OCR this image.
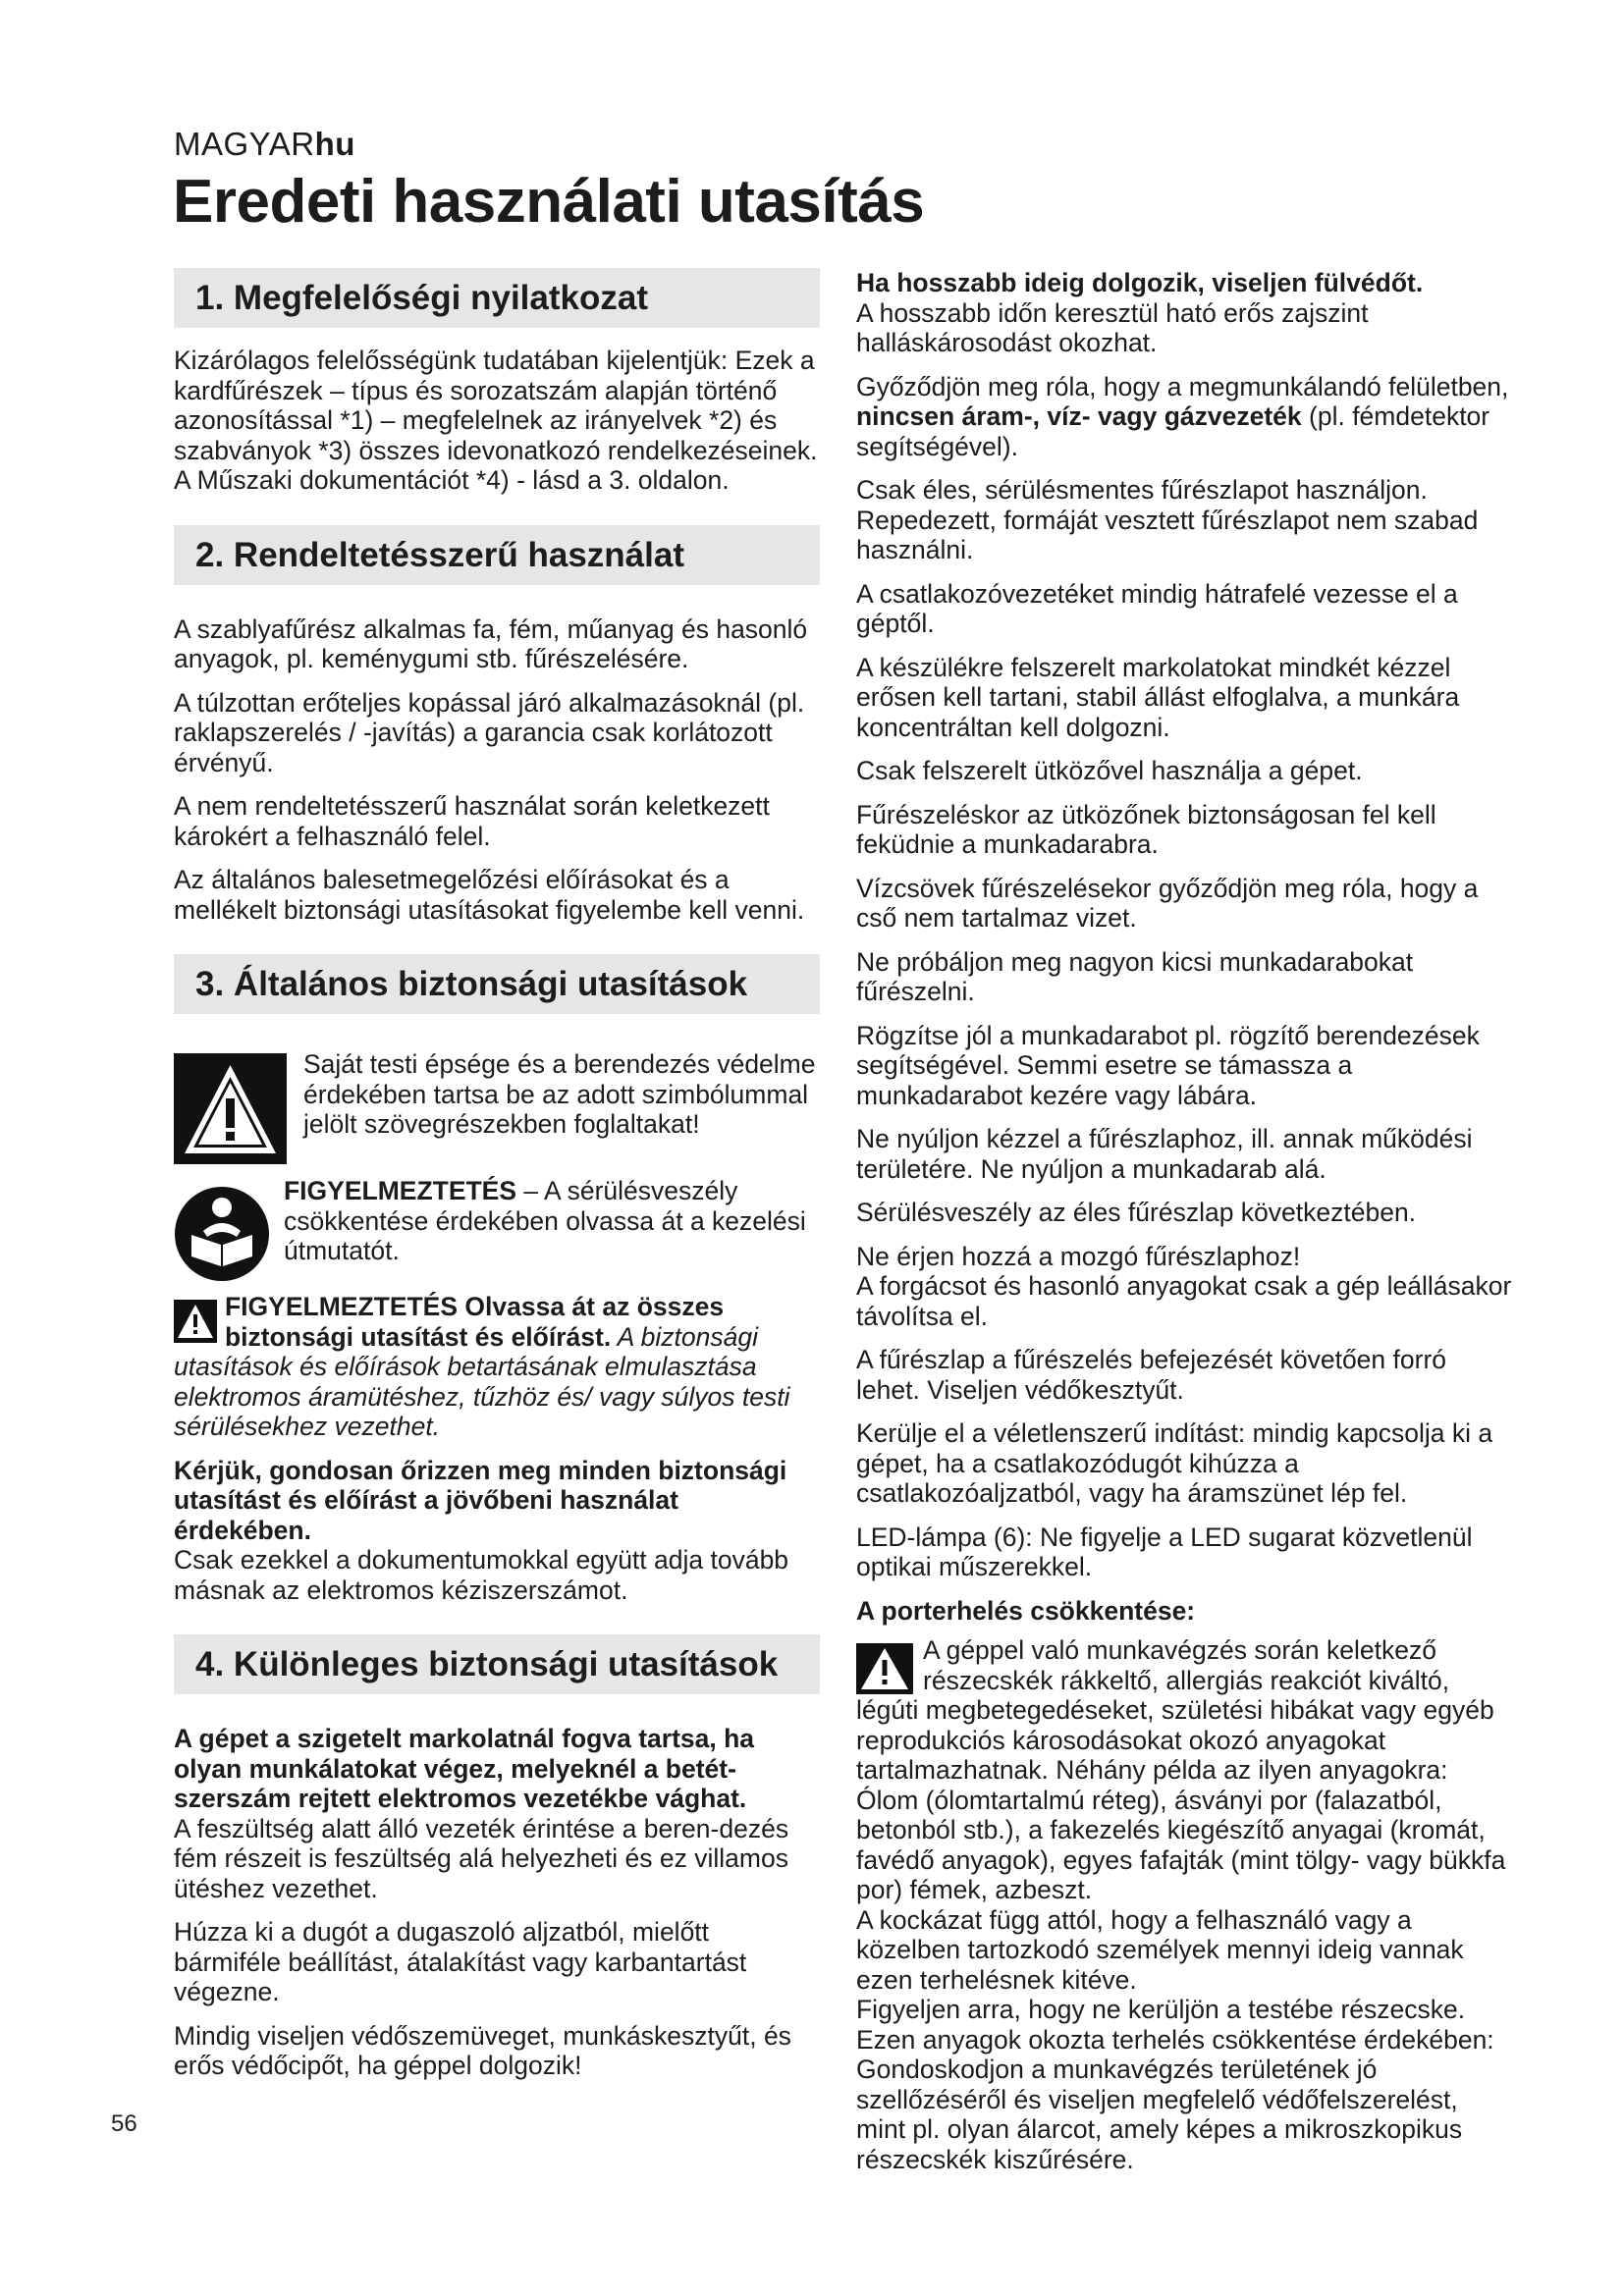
MAGYARhu
Eredeti használati utasítás
1. Megfelelőségi nyilatkozat

Kizárólagos felelősségünk tudatában kijelentjük: Ezek a kardfűrészek – típus és sorozatszám alapján történő azonosítással *1) – megfelelnek az irányelvek *2) és szabványok *3) összes idevonatkozó rendelkezéseinek. A Műszaki dokumentációt *4) - lásd a 3. oldalon.

2. Rendeltetésszerű használat

A szablyafűrész alkalmas fa, fém, műanyag és hasonló anyagok, pl. keménygumi stb. fűrészelésére.

A túlzottan erőteljes kopással járó alkalmazásoknál (pl. raklapszerelés / -javítás) a garancia csak korlátozott érvényű.

A nem rendeltetésszerű használat során keletkezett károkért a felhasználó felel.

Az általános balesetmegelőzési előírásokat és a mellékelt biztonsági utasításokat figyelembe kell venni.

3. Általános biztonsági utasítások
Saját testi épsége és a berendezés védelme érdekében tartsa be az adott szimbólummal jelölt szövegrészekben foglaltakat!
FIGYELMEZTETÉS – A sérülésveszély csökkentése érdekében olvassa át a kezelési útmutatót.

FIGYELMEZTETÉS Olvassa át az összes biztonsági utasítást és előírást. A biztonsági utasítások és előírások betartásának elmulasztása elektromos áramütéshez, tűzhöz és/ vagy súlyos testi sérülésekhez vezethet.

Kérjük, gondosan őrizzen meg minden biztonsági utasítást és előírást a jövőbeni használat érdekében.
Csak ezekkel a dokumentumokkal együtt adja tovább másnak az elektromos kéziszerszámot.

4. Különleges biztonsági utasítások

A gépet a szigetelt markolatnál fogva tartsa, ha olyan munkálatokat végez, melyeknél a betét-szerszám rejtett elektromos vezetékbe vághat.
A feszültség alatt álló vezeték érintése a beren-dezés fém részeit is feszültség alá helyezheti és ez villamos ütéshez vezethet.

Húzza ki a dugót a dugaszoló aljzatból, mielőtt bármiféle beállítást, átalakítást vagy karbantartást végezne.

Mindig viseljen védőszemüveget, munkáskesztyűt, és erős védőcipőt, ha géppel dolgozik!

Ha hosszabb ideig dolgozik, viseljen fülvédőt.
A hosszabb időn keresztül ható erős zajszint halláskárosodást okozhat.

Győződjön meg róla, hogy a megmunkálandó felületben, nincsen áram-, víz- vagy gázvezeték (pl. fémdetektor segítségével).

Csak éles, sérülésmentes fűrészlapot használjon. Repedezett, formáját vesztett fűrészlapot nem szabad használni.

A csatlakozóvezetéket mindig hátrafelé vezesse el a géptől.

A készülékre felszerelt markolatokat mindkét kézzel erősen kell tartani, stabil állást elfoglalva, a munkára koncentráltan kell dolgozni.

Csak felszerelt ütközővel használja a gépet.

Fűrészeléskor az ütközőnek biztonságosan fel kell feküdnie a munkadarabra.

Vízcsövek fűrészelésekor győződjön meg róla, hogy a cső nem tartalmaz vizet.

Ne próbáljon meg nagyon kicsi munkadarabokat fűrészelni.

Rögzítse jól a munkadarabot pl. rögzítő berendezések segítségével. Semmi esetre se támassza a munkadarabot kezére vagy lábára.

Ne nyúljon kézzel a fűrészlaphoz, ill. annak működési területére. Ne nyúljon a munkadarab alá.

Sérülésveszély az éles fűrészlap következtében.

Ne érjen hozzá a mozgó fűrészlaphoz!
A forgácsot és hasonló anyagokat csak a gép leállásakor távolítsa el.

A fűrészlap a fűrészelés befejezését követően forró lehet. Viseljen védőkesztyűt.

Kerülje el a véletlenszerű indítást: mindig kapcsolja ki a gépet, ha a csatlakozódugót kihúzza a csatlakozóaljzatból, vagy ha áramszünet lép fel.

LED-lámpa (6): Ne figyelje a LED sugarat közvetlenül optikai műszerekkel.

A porterhelés csökkentése:

A géppel való munkavégzés során keletkező részecskék rákkeltő, allergiás reakciót kiváltó, légúti megbetegedéseket, születési hibákat vagy egyéb reprodukciós károsodásokat okozó anyagokat tartalmazhatnak. Néhány példa az ilyen anyagokra: Ólom (ólomtartalmú réteg), ásványi por (falazatból, betonból stb.), a fakezelés kiegészítő anyagai (kromát, favédő anyagok), egyes fafajták (mint tölgy- vagy bükkfa por) fémek, azbeszt.
A kockázat függ attól, hogy a felhasználó vagy a közelben tartozkodó személyek mennyi ideig vannak ezen terhelésnek kitéve.
Figyeljen arra, hogy ne kerüljön a testébe részecske.
Ezen anyagok okozta terhelés csökkentése érdekében: Gondoskodjon a munkavégzés területének jó szellőzéséről és viseljen megfelelő védőfelszerelést, mint pl. olyan álarcot, amely képes a mikroszkopikus részecskék kiszűrésére.
56
